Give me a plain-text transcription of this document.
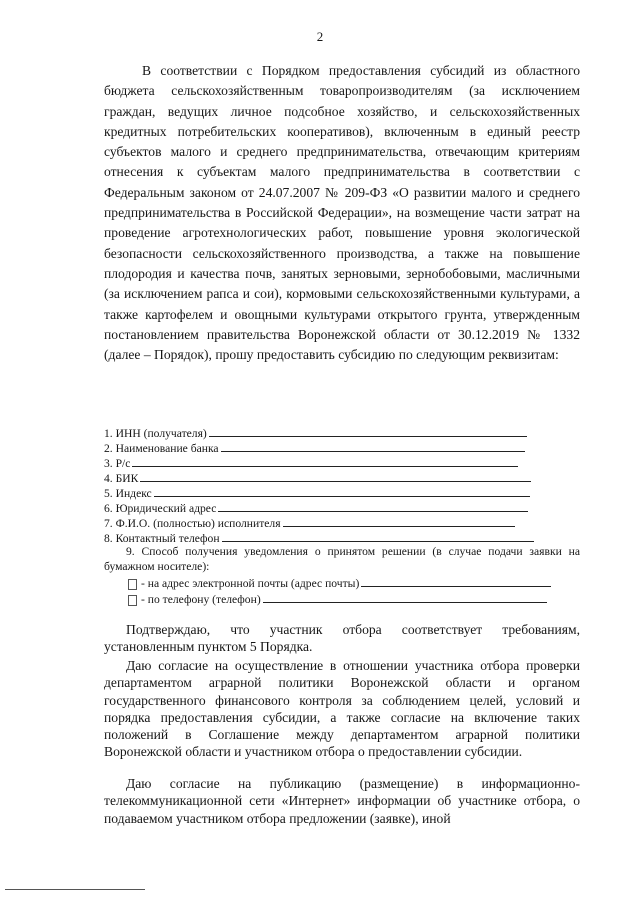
2
В соответствии с Порядком предоставления субсидий из областного бюджета сельскохозяйственным товаропроизводителям (за исключением граждан, ведущих личное подсобное хозяйство, и сельскохозяйственных кредитных потребительских кооперативов), включенным в единый реестр субъектов малого и среднего предпринимательства, отвечающим критериям отнесения к субъектам малого предпринимательства в соответствии с Федеральным законом от 24.07.2007 № 209-ФЗ «О развитии малого и среднего предпринимательства в Российской Федерации», на возмещение части затрат на проведение агротехнологических работ, повышение уровня экологической безопасности сельскохозяйственного производства, а также на повышение плодородия и качества почв, занятых зерновыми, зернобобовыми, масличными (за исключением рапса и сои), кормовыми сельскохозяйственными культурами, а также картофелем и овощными культурами открытого грунта, утвержденным постановлением правительства Воронежской области от 30.12.2019 № 1332 (далее – Порядок), прошу предоставить субсидию по следующим реквизитам:
1. ИНН (получателя)
2. Наименование банка
3. Р/с
4. БИК
5. Индекс
6. Юридический адрес
7. Ф.И.О. (полностью) исполнителя
8. Контактный телефон
9. Способ получения уведомления о принятом решении (в случае подачи заявки на бумажном носителе):
- на адрес электронной почты (адрес почты)
- по телефону (телефон)
Подтверждаю, что участник отбора соответствует требованиям, установленным пунктом 5 Порядка.
Даю согласие на осуществление в отношении участника отбора проверки департаментом аграрной политики Воронежской области и органом государственного финансового контроля за соблюдением целей, условий и порядка предоставления субсидии, а также согласие на включение таких положений в Соглашение между департаментом аграрной политики Воронежской области и участником отбора о предоставлении субсидии.
Даю согласие на публикацию (размещение) в информационно-телекоммуникационной сети «Интернет» информации об участнике отбора, о подаваемом участником отбора предложении (заявке), иной
